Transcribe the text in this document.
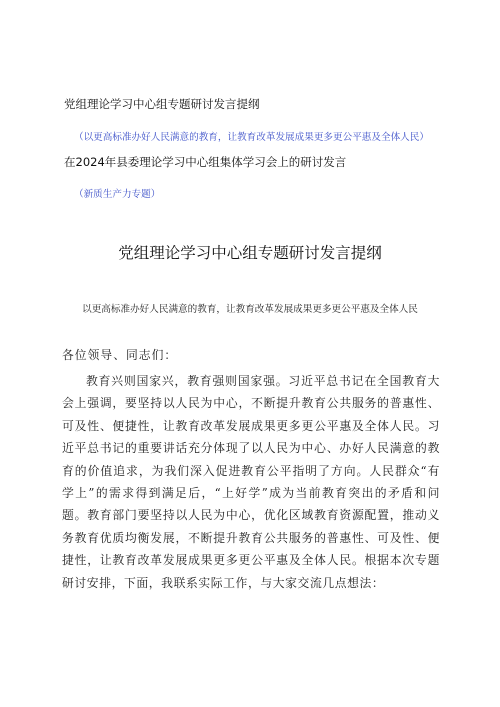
党组理论学习中心组专题研讨发言提纲
（以更高标准办好人民满意的教育，让教育改革发展成果更多更公平惠及全体人民）
在2024年县委理论学习中心组集体学习会上的研讨发言
（新质生产力专题）
党组理论学习中心组专题研讨发言提纲
以更高标准办好人民满意的教育，让教育改革发展成果更多更公平惠及全体人民
各位领导、同志们：

教育兴则国家兴，教育强则国家强。习近平总书记在全国教育大会上强调，要坚持以人民为中心，不断提升教育公共服务的普惠性、可及性、便捷性，让教育改革发展成果更多更公平惠及全体人民。习近平总书记的重要讲话充分体现了以人民为中心、办好人民满意的教育的价值追求，为我们深入促进教育公平指明了方向。人民群众“有学上”的需求得到满足后，“上好学”成为当前教育突出的矛盾和问题。教育部门要坚持以人民为中心，优化区域教育资源配置，推动义务教育优质均衡发展，不断提升教育公共服务的普惠性、可及性、便捷性，让教育改革发展成果更多更公平惠及全体人民。根据本次专题研讨安排，下面，我联系实际工作，与大家交流几点想法：
